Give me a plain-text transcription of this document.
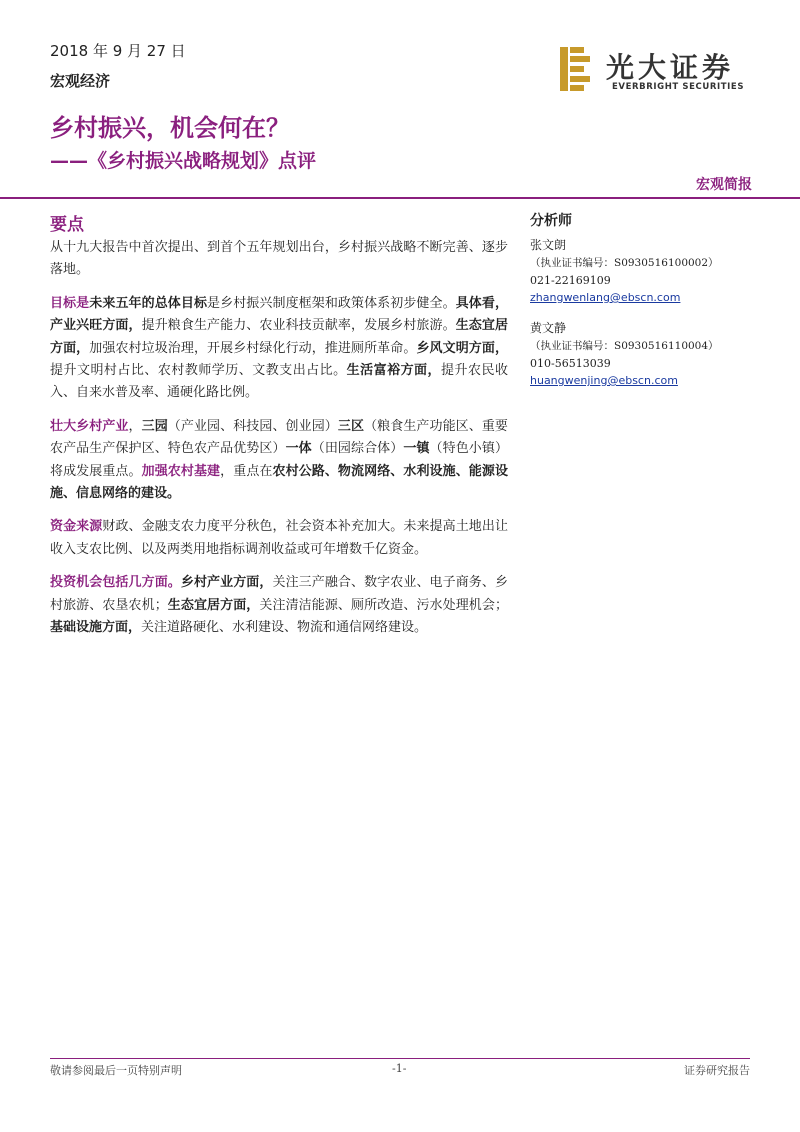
2018 年 9 月 27 日
宏观经济	光大证券
EVERBRIGHT SECURITIES
乡村振兴，机会何在？
——《乡村振兴战略规划》点评
宏观简报
要点

从十九大报告中首次提出、到首个五年规划出台，乡村振兴战略不断完善、逐步落地。

目标是未来五年的总体目标是乡村振兴制度框架和政策体系初步健全。具体看，产业兴旺方面，提升粮食生产能力、农业科技贡献率，发展乡村旅游。生态宜居方面，加强农村垃圾治理，开展乡村绿化行动，推进厕所革命。乡风文明方面，提升文明村占比、农村教师学历、文教支出占比。生活富裕方面，提升农民收入、自来水普及率、通硬化路比例。

壮大乡村产业，三园（产业园、科技园、创业园）三区（粮食生产功能区、重要农产品生产保护区、特色农产品优势区）一体（田园综合体）一镇（特色小镇）将成发展重点。加强农村基建，重点在农村公路、物流网络、水利设施、能源设施、信息网络的建设。

资金来源财政、金融支农力度平分秋色，社会资本补充加大。未来提高土地出让收入支农比例、以及两类用地指标调剂收益或可年增数千亿资金。

投资机会包括几方面。乡村产业方面，关注三产融合、数字农业、电子商务、乡村旅游、农垦农机；生态宜居方面，关注清洁能源、厕所改造、污水处理机会；基础设施方面，关注道路硬化、水利建设、物流和通信网络建设。

分析师
张文朗（执业证书编号：S0930516100002）
021-22169109
zhangwenlang@ebscn.com
黄文静（执业证书编号：S0930516110004）
010-56513039
huangwenjing@ebscn.com
敬请参阅最后一页特别声明	-1-	证券研究报告
